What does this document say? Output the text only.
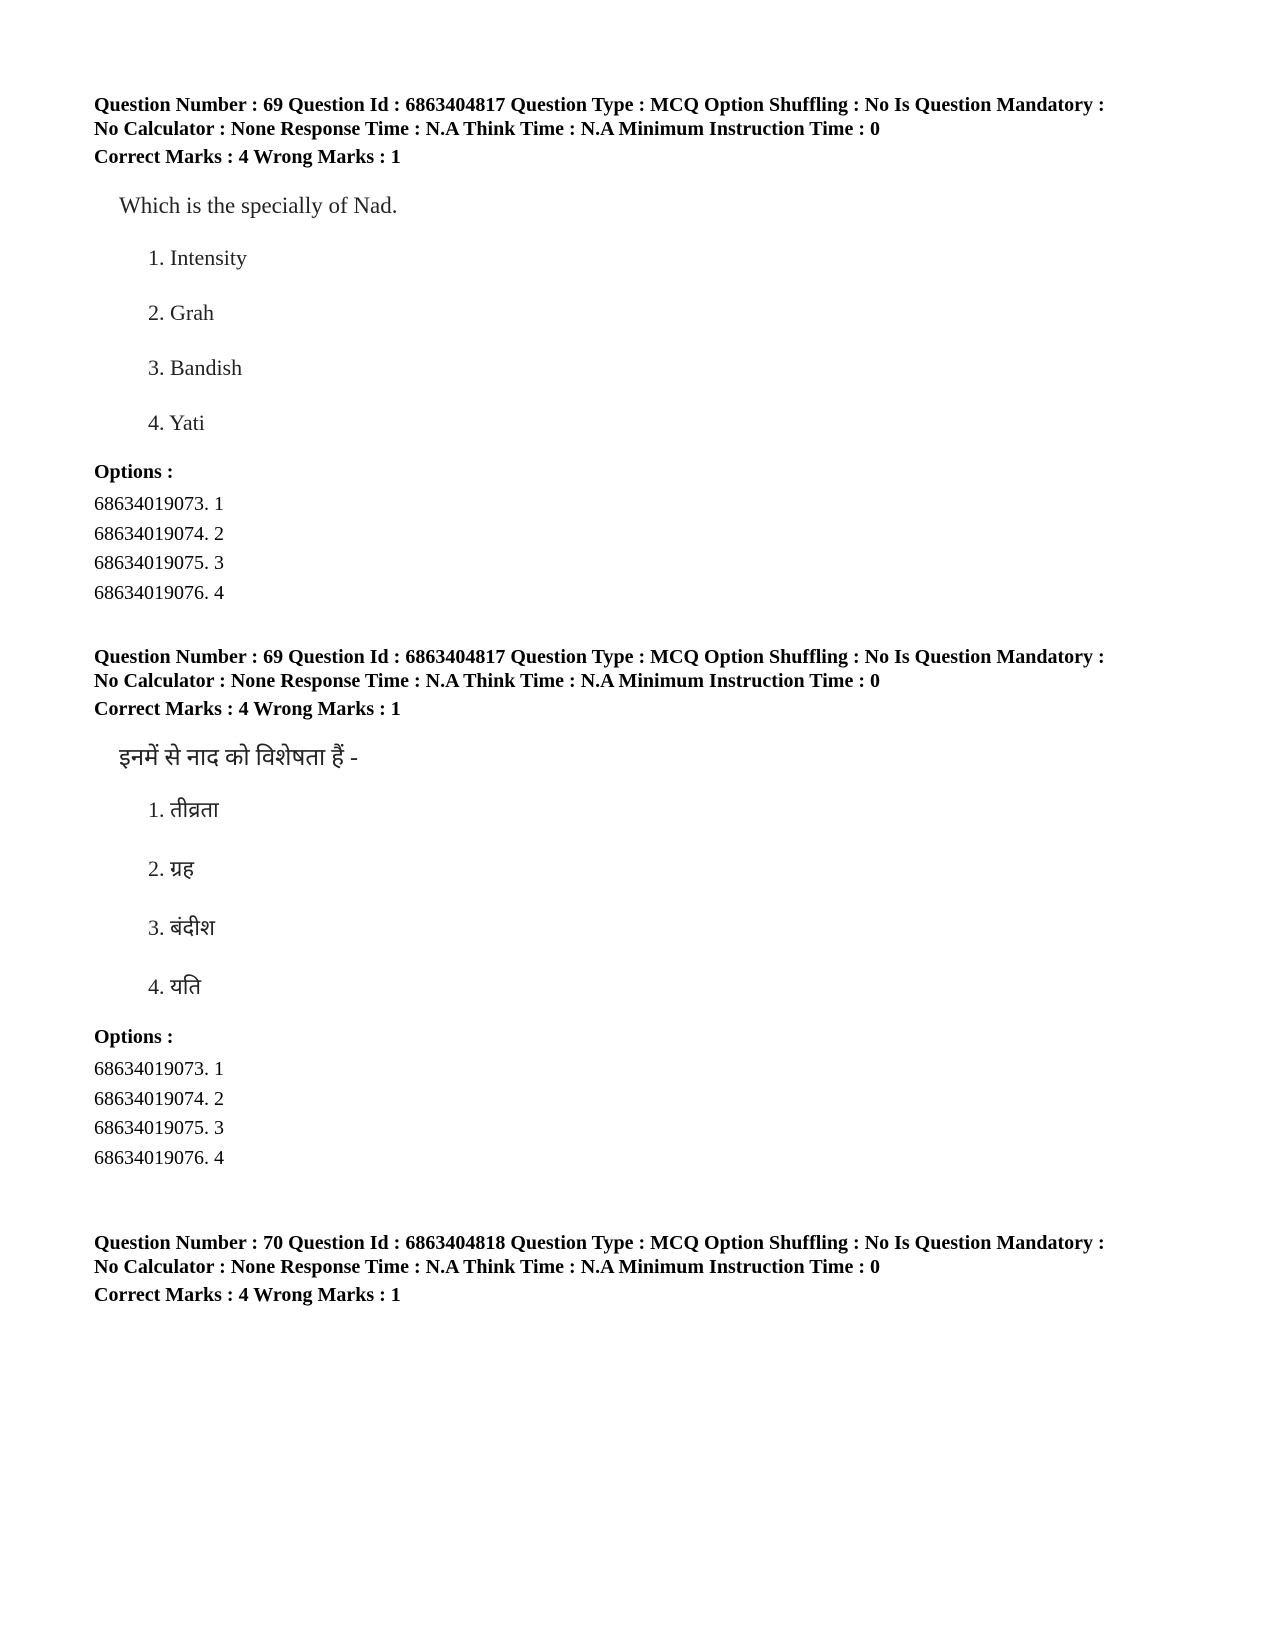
Question Number : 69 Question Id : 6863404817 Question Type : MCQ Option Shuffling : No Is Question Mandatory :
No Calculator : None Response Time : N.A Think Time : N.A Minimum Instruction Time : 0

Correct Marks : 4 Wrong Marks : 1

Which is the specially of Nad.

1. Intensity
2. Grah
3. Bandish
4. Yati

Options :

68634019073. 1
68634019074. 2
68634019075. 3
68634019076. 4

Question Number : 69 Question Id : 6863404817 Question Type : MCQ Option Shuffling : No Is Question Mandatory :
No Calculator : None Response Time : N.A Think Time : N.A Minimum Instruction Time : 0

Correct Marks : 4 Wrong Marks : 1

इनमें से नाद को विशेषता हैं -

1. तीव्रता
2. ग्रह
3. बंदीश
4. यति

Options :

68634019073. 1
68634019074. 2
68634019075. 3
68634019076. 4

Question Number : 70 Question Id : 6863404818 Question Type : MCQ Option Shuffling : No Is Question Mandatory :
No Calculator : None Response Time : N.A Think Time : N.A Minimum Instruction Time : 0

Correct Marks : 4 Wrong Marks : 1
